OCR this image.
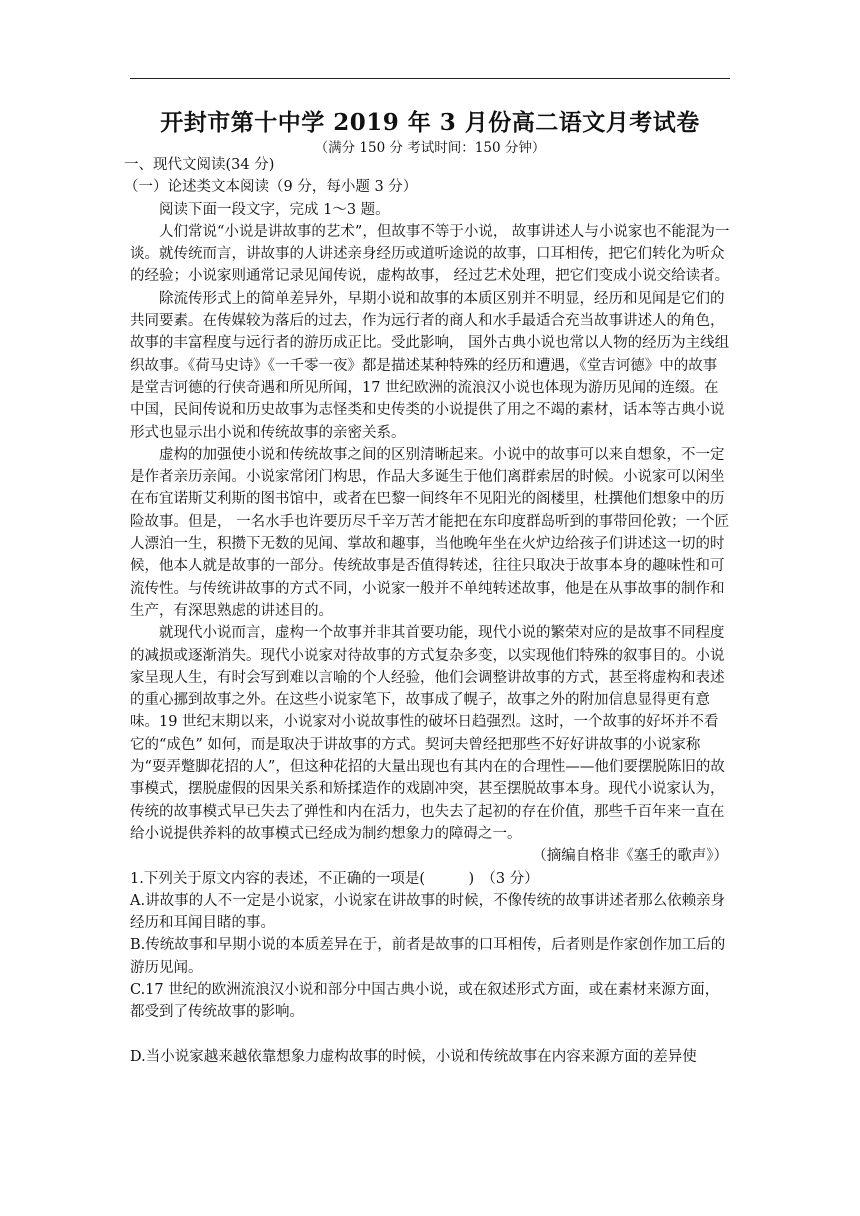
开封市第十中学 2019 年 3 月份高二语文月考试卷
（满分 150 分 考试时间：150 分钟）

一、现代文阅读(34 分)

（一）论述类文本阅读（9 分，每小题 3 分）

阅读下面一段文字，完成 1～3 题。

人们常说“小说是讲故事的艺术”，但故事不等于小说， 故事讲述人与小说家也不能混为一谈。就传统而言，讲故事的人讲述亲身经历或道听途说的故事，口耳相传，把它们转化为听众的经验；小说家则通常记录见闻传说，虚构故事， 经过艺术处理，把它们变成小说交给读者。

除流传形式上的简单差异外，早期小说和故事的本质区别并不明显，经历和见闻是它们的共同要素。在传媒较为落后的过去，作为远行者的商人和水手最适合充当故事讲述人的角色，故事的丰富程度与远行者的游历成正比。受此影响， 国外古典小说也常以人物的经历为主线组织故事。《荷马史诗》《一千零一夜》都是描述某种特殊的经历和遭遇，《堂吉诃德》中的故事是堂吉诃德的行侠奇遇和所见所闻，17 世纪欧洲的流浪汉小说也体现为游历见闻的连缀。在中国，民间传说和历史故事为志怪类和史传类的小说提供了用之不竭的素材，话本等古典小说形式也显示出小说和传统故事的亲密关系。

虚构的加强使小说和传统故事之间的区别清晰起来。小说中的故事可以来自想象，不一定是作者亲历亲闻。小说家常闭门构思，作品大多诞生于他们离群索居的时候。小说家可以闲坐在布宜诺斯艾利斯的图书馆中，或者在巴黎一间终年不见阳光的阁楼里，杜撰他们想象中的历险故事。但是， 一名水手也许要历尽千辛万苦才能把在东印度群岛听到的事带回伦敦；一个匠人漂泊一生，积攒下无数的见闻、掌故和趣事，当他晚年坐在火炉边给孩子们讲述这一切的时候，他本人就是故事的一部分。传统故事是否值得转述，往往只取决于故事本身的趣味性和可流传性。与传统讲故事的方式不同，小说家一般并不单纯转述故事，他是在从事故事的制作和生产，有深思熟虑的讲述目的。

就现代小说而言，虚构一个故事并非其首要功能，现代小说的繁荣对应的是故事不同程度的减损或逐渐消失。现代小说家对待故事的方式复杂多变，以实现他们特殊的叙事目的。小说家呈现人生，有时会写到难以言喻的个人经验，他们会调整讲故事的方式，甚至将虚构和表述的重心挪到故事之外。在这些小说家笔下，故事成了幌子，故事之外的附加信息显得更有意味。19 世纪末期以来，小说家对小说故事性的破坏日趋强烈。这时，一个故事的好坏并不看它的“成色” 如何，而是取决于讲故事的方式。契诃夫曾经把那些不好好讲故事的小说家称为“耍弄蹩脚花招的人”，但这种花招的大量出现也有其内在的合理性——他们要摆脱陈旧的故事模式，摆脱虚假的因果关系和矫揉造作的戏剧冲突，甚至摆脱故事本身。现代小说家认为，传统的故事模式早已失去了弹性和内在活力，也失去了起初的存在价值，那些千百年来一直在给小说提供养料的故事模式已经成为制约想象力的障碍之一。

（摘编自格非《塞壬的歌声》）

1.下列关于原文内容的表述，不正确的一项是(　　　)　（3 分）

A.讲故事的人不一定是小说家，小说家在讲故事的时候，不像传统的故事讲述者那么依赖亲身经历和耳闻目睹的事。

B.传统故事和早期小说的本质差异在于，前者是故事的口耳相传，后者则是作家创作加工后的游历见闻。

C.17 世纪的欧洲流浪汉小说和部分中国古典小说，或在叙述形式方面，或在素材来源方面，都受到了传统故事的影响。

D.当小说家越来越依靠想象力虚构故事的时候，小说和传统故事在内容来源方面的差异使
